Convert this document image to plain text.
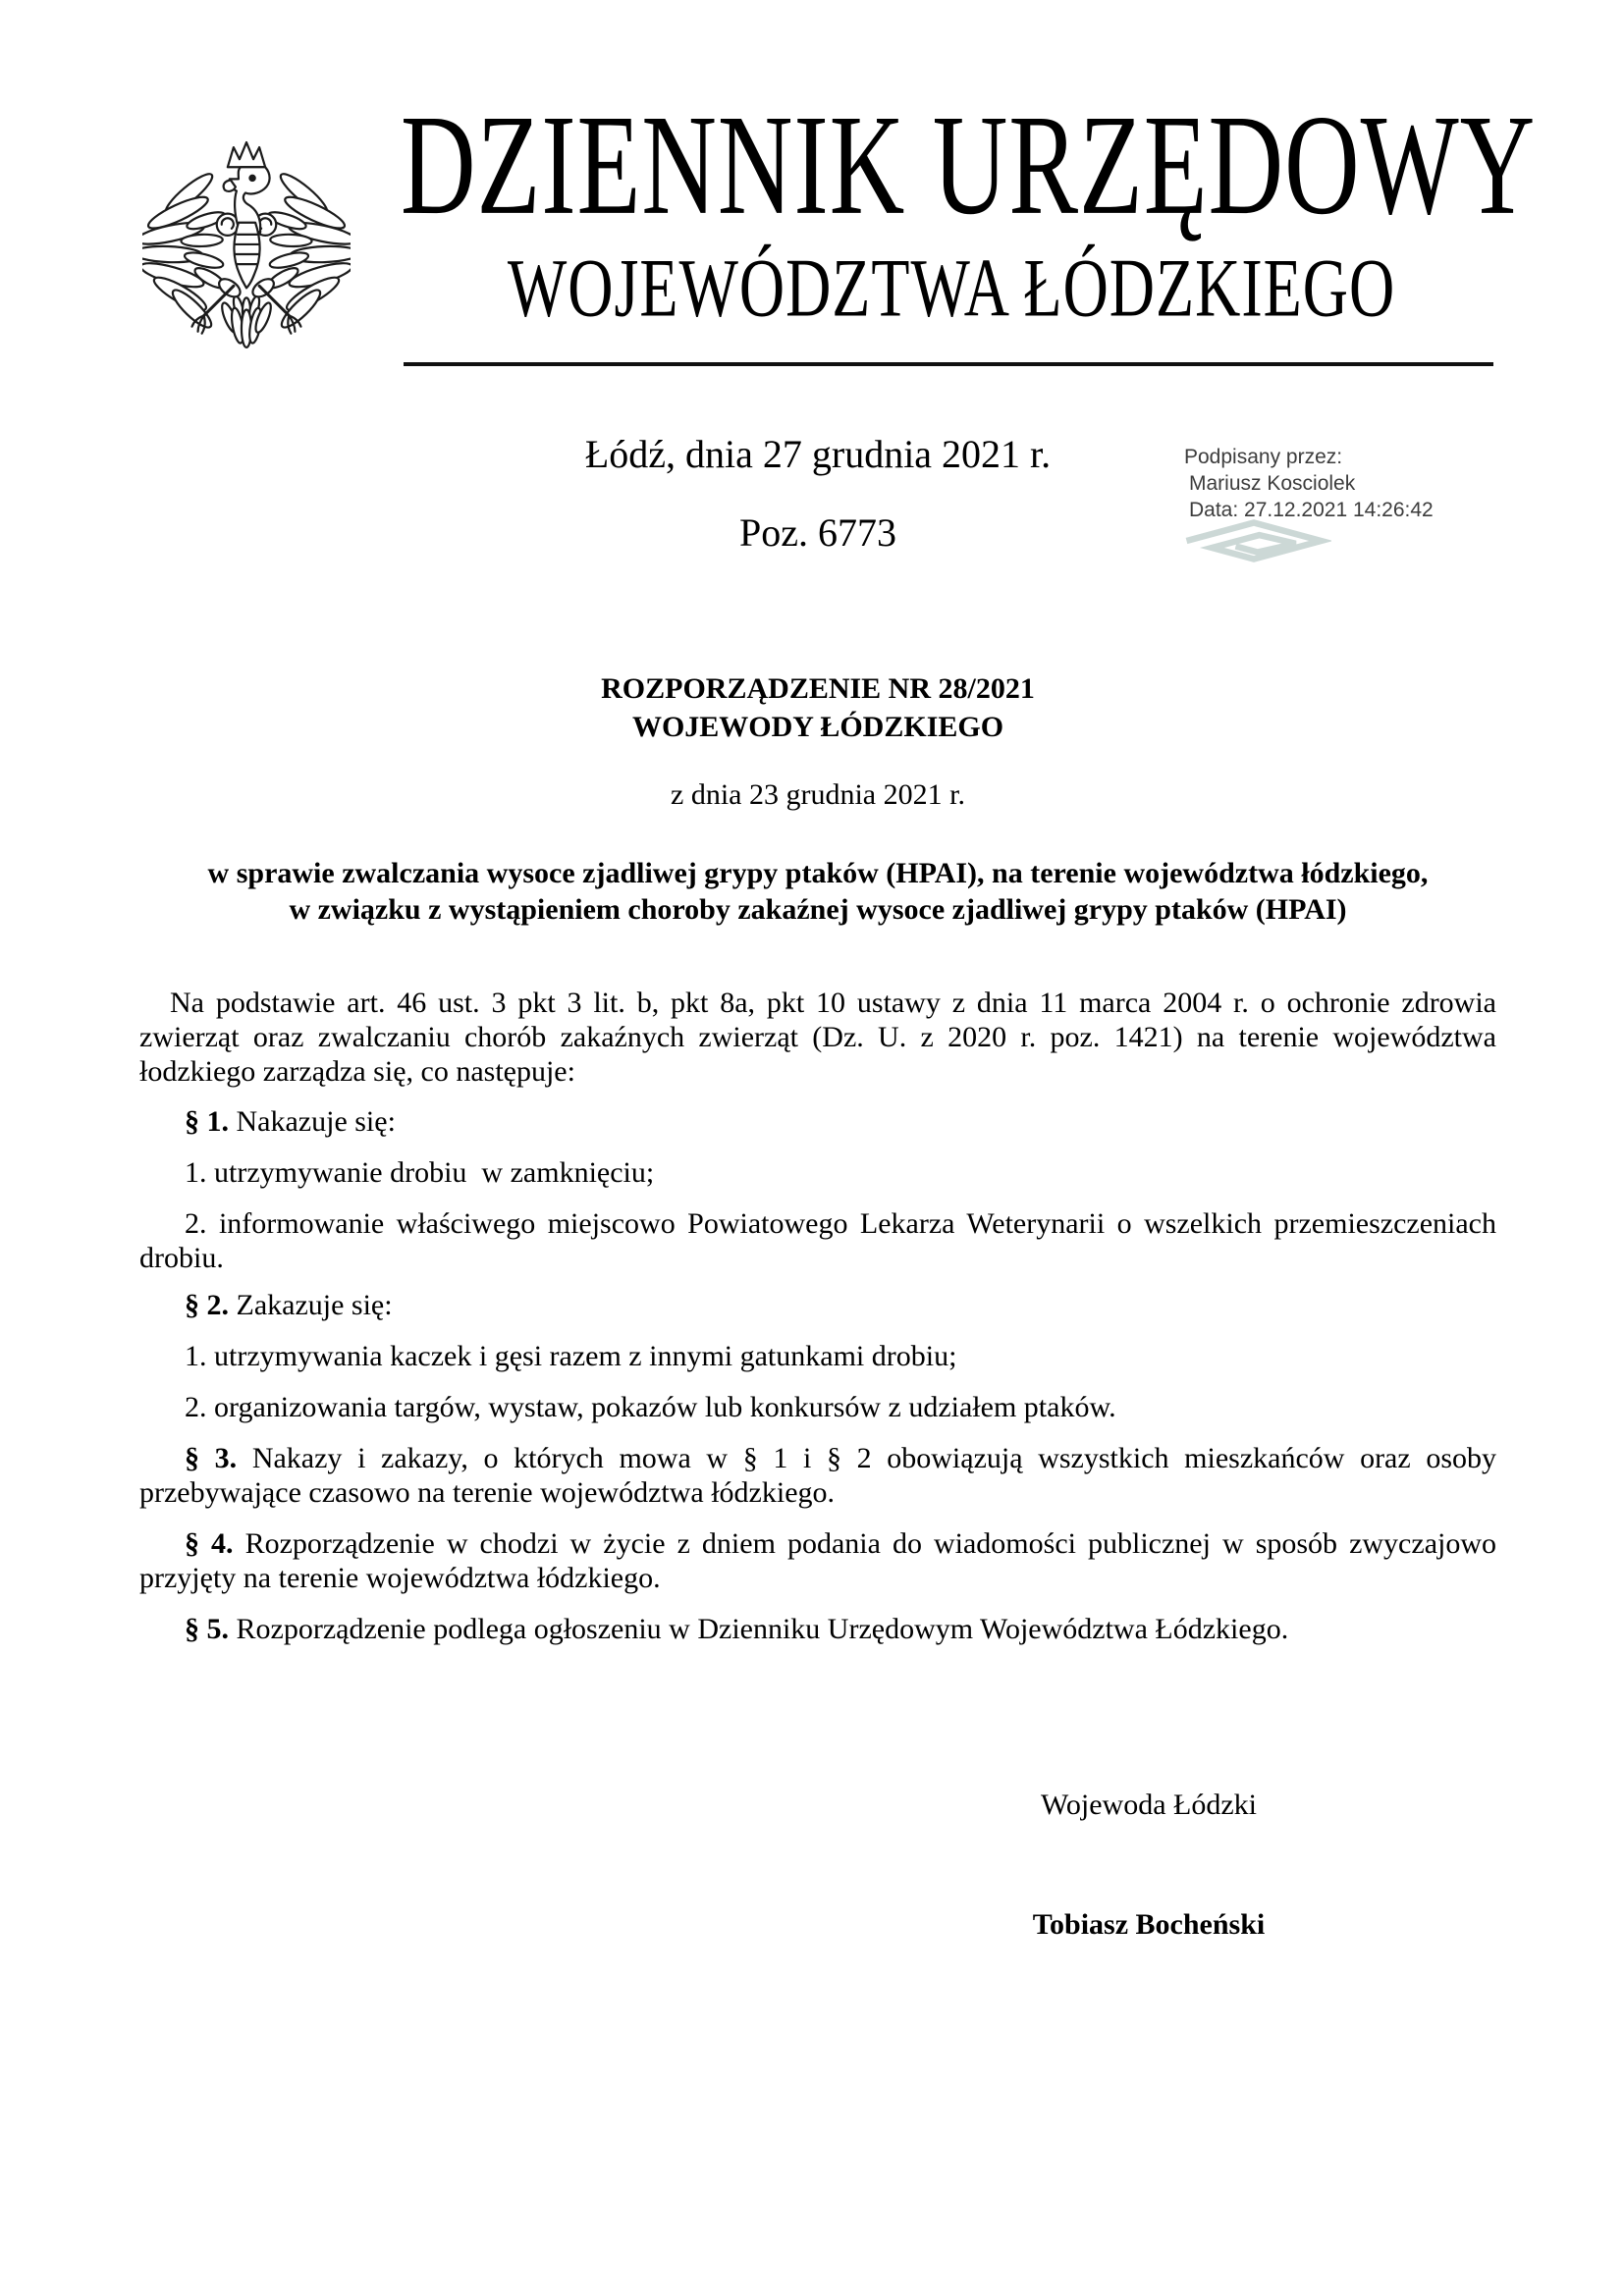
DZIENNIK URZĘDOWY
WOJEWÓDZTWA ŁÓDZKIEGO
Łódź, dnia 27 grudnia 2021 r.
Poz. 6773
Podpisany przez:
Mariusz Kosciolek
Data: 27.12.2021 14:26:42
ROZPORZĄDZENIE NR 28/2021
WOJEWODY ŁÓDZKIEGO
z dnia 23 grudnia 2021 r.
w sprawie zwalczania wysoce zjadliwej grypy ptaków (HPAI), na terenie województwa łódzkiego,
w związku z wystąpieniem choroby zakaźnej wysoce zjadliwej grypy ptaków (HPAI)

Na podstawie art. 46 ust. 3 pkt 3 lit. b, pkt 8a, pkt 10 ustawy z dnia 11 marca 2004 r. o ochronie zdrowia zwierząt oraz zwalczaniu chorób zakaźnych zwierząt (Dz. U. z 2020 r. poz. 1421) na terenie województwa łodzkiego zarządza się, co następuje:

§ 1. Nakazuje się:

1. utrzymywanie drobiu  w zamknięciu;

2. informowanie właściwego miejscowo Powiatowego Lekarza Weterynarii o wszelkich przemieszczeniach drobiu.

§ 2. Zakazuje się:

1. utrzymywania kaczek i gęsi razem z innymi gatunkami drobiu;

2. organizowania targów, wystaw, pokazów lub konkursów z udziałem ptaków.

§ 3. Nakazy i zakazy, o których mowa w § 1 i § 2 obowiązują wszystkich mieszkańców oraz osoby przebywające czasowo na terenie województwa łódzkiego.

§ 4. Rozporządzenie w chodzi w życie z dniem podania do wiadomości publicznej w sposób zwyczajowo przyjęty na terenie województwa łódzkiego.

§ 5. Rozporządzenie podlega ogłoszeniu w Dzienniku Urzędowym Województwa Łódzkiego.

Wojewoda Łódzki
Tobiasz Bocheński
